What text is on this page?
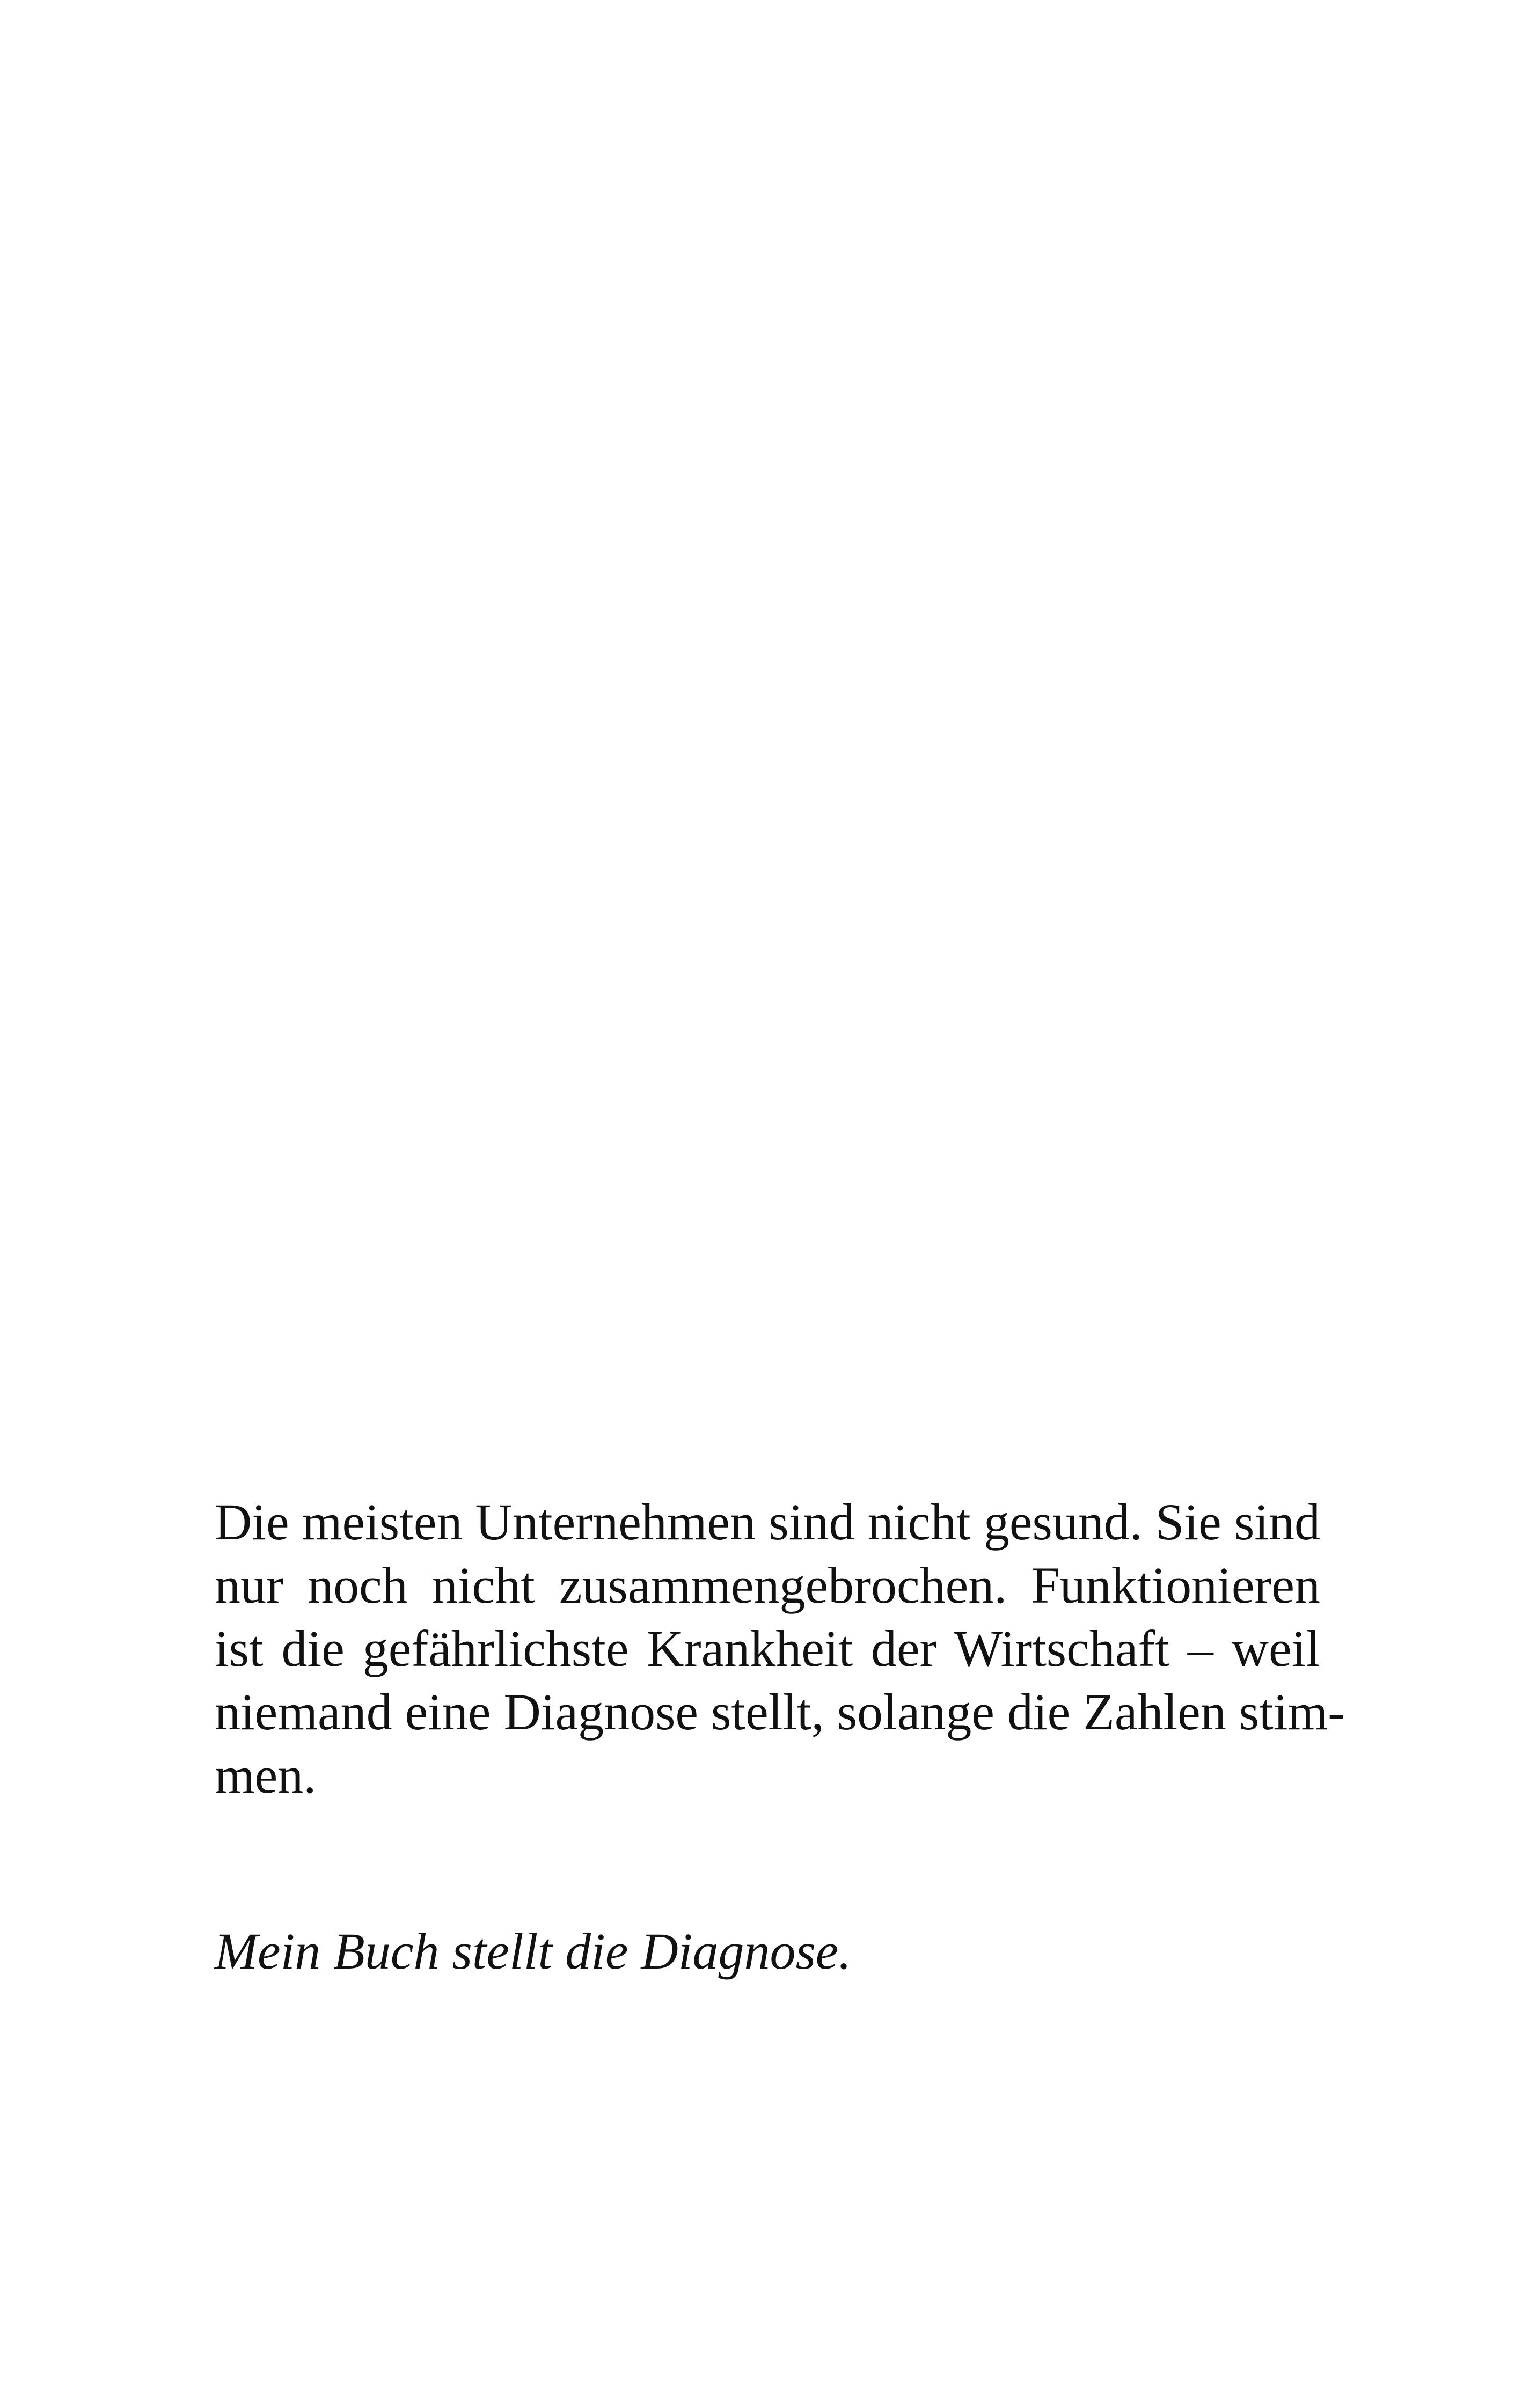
Die meisten Unternehmen sind nicht gesund. Sie sind
nur noch nicht zusammengebrochen. Funktionieren
ist die gefährlichste Krankheit der Wirtschaft – weil
niemand eine Diagnose stellt, solange die Zahlen stim-
men.

Mein Buch stellt die Diagnose.
